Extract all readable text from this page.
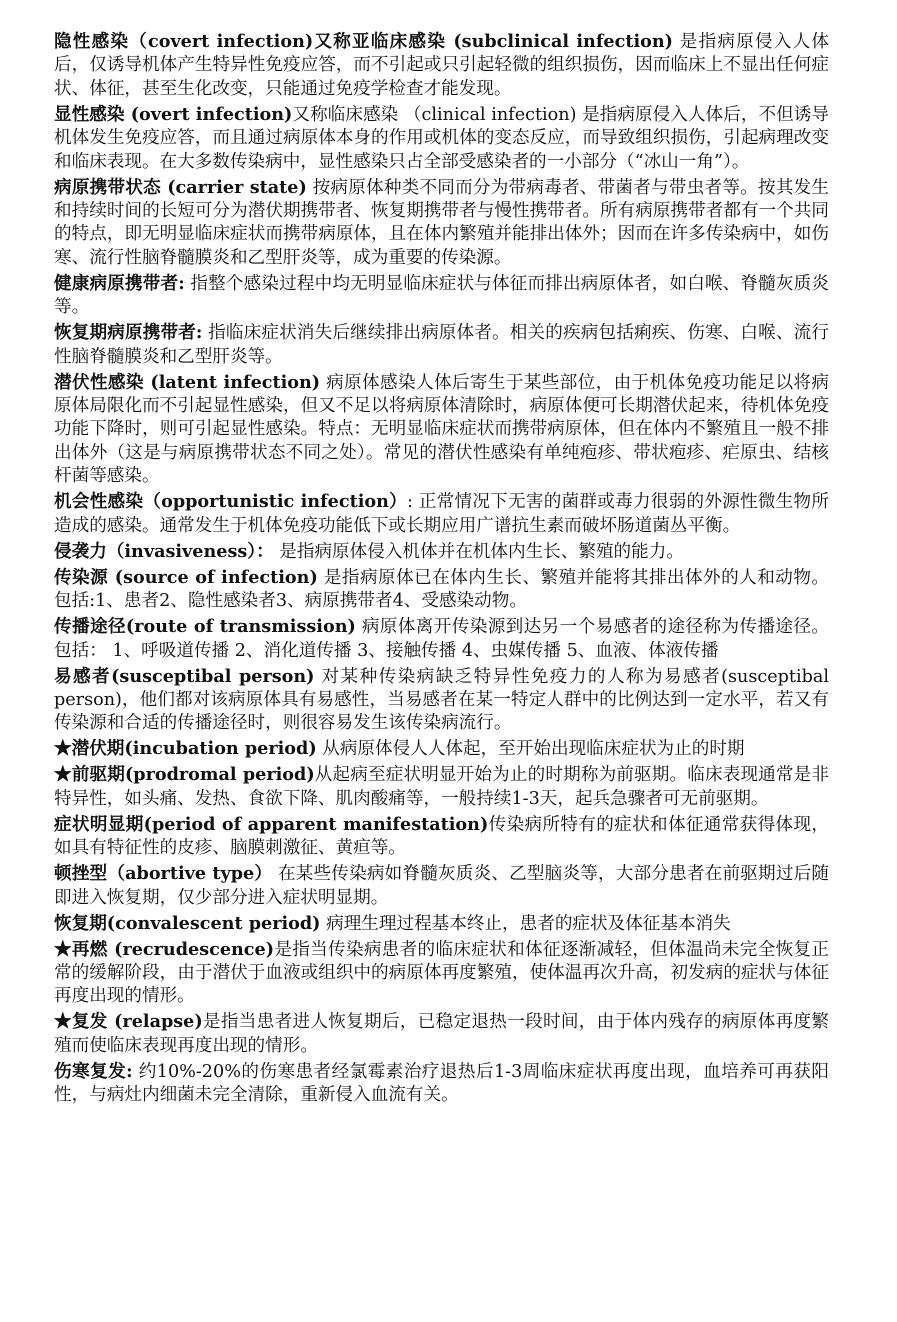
隐性感染（covert infection)又称亚临床感染 (subclinical infection) 是指病原侵入人体后，仅诱导机体产生特异性免疫应答，而不引起或只引起轻微的组织损伤，因而临床上不显出任何症状、体征，甚至生化改变，只能通过免疫学检查才能发现。

显性感染 (overt infection)又称临床感染 （clinical infection) 是指病原侵入人体后，不但诱导机体发生免疫应答，而且通过病原体本身的作用或机体的变态反应，而导致组织损伤，引起病理改变和临床表现。在大多数传染病中，显性感染只占全部受感染者的一小部分（“冰山一角”）。

病原携带状态 (carrier state) 按病原体种类不同而分为带病毒者、带菌者与带虫者等。按其发生和持续时间的长短可分为潜伏期携带者、恢复期携带者与慢性携带者。所有病原携带者都有一个共同的特点，即无明显临床症状而携带病原体，且在体内繁殖并能排出体外；因而在许多传染病中，如伤寒、流行性脑脊髓膜炎和乙型肝炎等，成为重要的传染源。

健康病原携带者: 指整个感染过程中均无明显临床症状与体征而排出病原体者，如白喉、脊髓灰质炎等。

恢复期病原携带者: 指临床症状消失后继续排出病原体者。相关的疾病包括痢疾、伤寒、白喉、流行性脑脊髓膜炎和乙型肝炎等。

潜伏性感染 (latent infection) 病原体感染人体后寄生于某些部位，由于机体免疫功能足以将病原体局限化而不引起显性感染，但又不足以将病原体清除时，病原体便可长期潜伏起来，待机体免疫功能下降时，则可引起显性感染。特点：无明显临床症状而携带病原体，但在体内不繁殖且一般不排出体外（这是与病原携带状态不同之处）。常见的潜伏性感染有单纯疱疹、带状疱疹、疟原虫、结核杆菌等感染。

机会性感染（opportunistic infection）: 正常情况下无害的菌群或毒力很弱的外源性微生物所造成的感染。通常发生于机体免疫功能低下或长期应用广谱抗生素而破坏肠道菌丛平衡。

侵袭力（invasiveness）： 是指病原体侵入机体并在机体内生长、繁殖的能力。

传染源 (source of infection) 是指病原体已在体内生长、繁殖并能将其排出体外的人和动物。包括:1、患者2、隐性感染者3、病原携带者4、受感染动物。

传播途径(route of transmission) 病原体离开传染源到达另一个易感者的途径称为传播途径。包括： 1、呼吸道传播 2、消化道传播 3、接触传播 4、虫媒传播 5、血液、体液传播

易感者(susceptibal person) 对某种传染病缺乏特异性免疫力的人称为易感者(susceptibal person)，他们都对该病原体具有易感性，当易感者在某一特定人群中的比例达到一定水平，若又有传染源和合适的传播途径时，则很容易发生该传染病流行。

★潜伏期(incubation period) 从病原体侵人人体起，至开始出现临床症状为止的时期

★前驱期(prodromal period)从起病至症状明显开始为止的时期称为前驱期。临床表现通常是非特异性，如头痛、发热、食欲下降、肌肉酸痛等，一般持续1-3天，起兵急骤者可无前驱期。

症状明显期(period of apparent manifestation)传染病所特有的症状和体征通常获得体现，如具有特征性的皮疹、脑膜刺激征、黄疸等。

顿挫型（abortive type） 在某些传染病如脊髓灰质炎、乙型脑炎等，大部分患者在前驱期过后随即进入恢复期，仅少部分进入症状明显期。

恢复期(convalescent period) 病理生理过程基本终止，患者的症状及体征基本消失

★再燃 (recrudescence)是指当传染病患者的临床症状和体征逐渐减轻，但体温尚未完全恢复正常的缓解阶段，由于潜伏于血液或组织中的病原体再度繁殖，使体温再次升高，初发病的症状与体征再度出现的情形。

★复发 (relapse)是指当患者进人恢复期后，已稳定退热一段时间，由于体内残存的病原体再度繁殖而使临床表现再度出现的情形。

伤寒复发: 约10%-20%的伤寒患者经氯霉素治疗退热后1-3周临床症状再度出现，血培养可再获阳性，与病灶内细菌未完全清除，重新侵入血流有关。
